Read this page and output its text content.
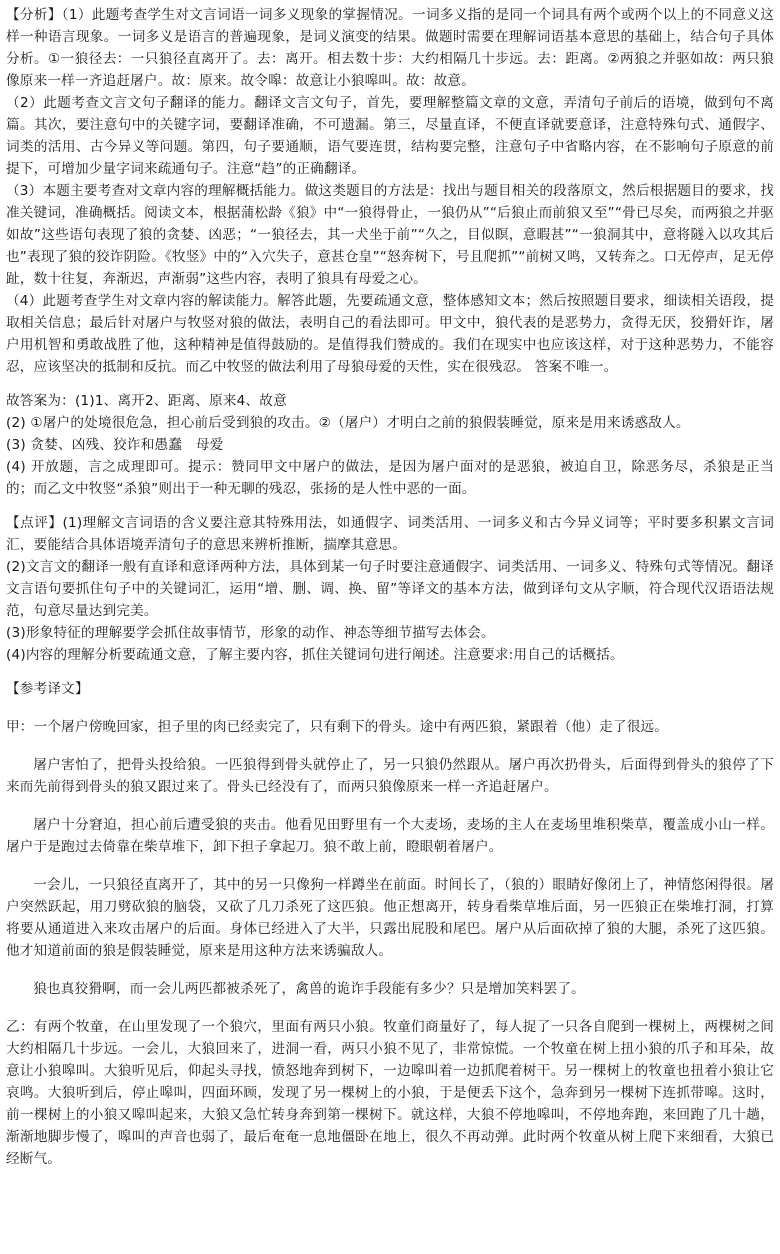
【分析】（1）此题考查学生对文言词语一词多义现象的掌握情况。一词多义指的是同一个词具有两个或两个以上的不同意义这样一种语言现象。一词多义是语言的普遍现象，是词义演变的结果。做题时需要在理解词语基本意思的基础上，结合句子具体分析。①一狼径去：一只狼径直离开了。去：离开。相去数十步：大约相隔几十步远。去：距离。②两狼之并驱如故：两只狼像原来一样一齐追赶屠户。故：原来。故令嗥：故意让小狼嗥叫。故：故意。

（2）此题考查文言文句子翻译的能力。翻译文言文句子，首先，要理解整篇文章的文意，弄清句子前后的语境，做到句不离篇。其次，要注意句中的关键字词，要翻译准确，不可遗漏。第三，尽量直译，不便直译就要意译，注意特殊句式、通假字、词类的活用、古今异义等问题。第四，句子要通顺，语气要连贯，结构要完整，注意句子中省略内容，在不影响句子原意的前提下，可增加少量字词来疏通句子。注意“趋”的正确翻译。

（3）本题主要考查对文章内容的理解概括能力。做这类题目的方法是：找出与题目相关的段落原文，然后根据题目的要求，找准关键词，准确概括。阅读文本，根据蒲松龄《狼》中“一狼得骨止，一狼仍从”“后狼止而前狼又至”“骨已尽矣，而两狼之并驱如故”这些语句表现了狼的贪婪、凶恶；“一狼径去，其一犬坐于前”“久之，目似瞑，意暇甚”“一狼洞其中，意将隧入以攻其后也”表现了狼的狡诈阴险。《牧竖》中的“入穴失子，意甚仓皇”“怒奔树下，号且爬抓”“前树又鸣，又转奔之。口无停声，足无停趾，数十往复，奔渐迟，声渐弱”这些内容，表明了狼具有母爱之心。

（4）此题考查学生对文章内容的解读能力。解答此题，先要疏通文意，整体感知文本；然后按照题目要求，细读相关语段，提取相关信息；最后针对屠户与牧竖对狼的做法，表明自己的看法即可。甲文中，狼代表的是恶势力，贪得无厌，狡猾奸诈，屠户用机智和勇敢战胜了他，这种精神是值得鼓励的。是值得我们赞成的。我们在现实中也应该这样，对于这种恶势力，不能容忍，应该坚决的抵制和反抗。而乙中牧竖的做法利用了母狼母爱的天性，实在很残忍。 答案不唯一。

故答案为：(1)1、离开2、距离、原来4、故意

(2) ①屠户的处境很危急，担心前后受到狼的攻击。②（屠户）才明白之前的狼假装睡觉，原来是用来诱惑敌人。

(3) 贪婪、凶残、狡诈和愚蠢　母爱

(4) 开放题，言之成理即可。提示：赞同甲文中屠户的做法，是因为屠户面对的是恶狼，被迫自卫，除恶务尽，杀狼是正当的；而乙文中牧竖“杀狼”则出于一种无聊的残忍，张扬的是人性中恶的一面。

【点评】(1)理解文言词语的含义要注意其特殊用法，如通假字、词类活用、一词多义和古今异义词等；平时要多积累文言词汇，要能结合具体语境弄清句子的意思来辨析推断，揣摩其意思。

(2)文言文的翻译一般有直译和意译两种方法，具体到某一句子时要注意通假字、词类活用、一词多义、特殊句式等情况。翻译文言语句要抓住句子中的关键词汇，运用“增、删、调、换、留”等译文的基本方法，做到译句文从字顺，符合现代汉语语法规范，句意尽量达到完美。

(3)形象特征的理解要学会抓住故事情节，形象的动作、神态等细节描写去体会。

(4)内容的理解分析要疏通文意，了解主要内容，抓住关键词句进行阐述。注意要求:用自己的话概括。

【参考译文】

甲：一个屠户傍晚回家，担子里的肉已经卖完了，只有剩下的骨头。途中有两匹狼，紧跟着（他）走了很远。

屠户害怕了，把骨头投给狼。一匹狼得到骨头就停止了，另一只狼仍然跟从。屠户再次扔骨头，后面得到骨头的狼停了下来而先前得到骨头的狼又跟过来了。骨头已经没有了，而两只狼像原来一样一齐追赶屠户。

屠户十分窘迫，担心前后遭受狼的夹击。他看见田野里有一个大麦场，麦场的主人在麦场里堆积柴草，覆盖成小山一样。屠户于是跑过去倚靠在柴草堆下，卸下担子拿起刀。狼不敢上前，瞪眼朝着屠户。

一会儿，一只狼径直离开了，其中的另一只像狗一样蹲坐在前面。时间长了，（狼的）眼睛好像闭上了，神情悠闲得很。屠户突然跃起，用刀劈砍狼的脑袋，又砍了几刀杀死了这匹狼。他正想离开，转身看柴草堆后面，另一匹狼正在柴堆打洞，打算将要从通道进入来攻击屠户的后面。身体已经进入了大半，只露出屁股和尾巴。屠户从后面砍掉了狼的大腿，杀死了这匹狼。他才知道前面的狼是假装睡觉，原来是用这种方法来诱骗敌人。

狼也真狡猾啊，而一会儿两匹都被杀死了，禽兽的诡诈手段能有多少？只是增加笑料罢了。

乙：有两个牧童，在山里发现了一个狼穴，里面有两只小狼。牧童们商量好了，每人捉了一只各自爬到一棵树上，两棵树之间大约相隔几十步远。一会儿，大狼回来了，进洞一看，两只小狼不见了，非常惊慌。一个牧童在树上扭小狼的爪子和耳朵，故意让小狼嗥叫。大狼听见后，仰起头寻找，愤怒地奔到树下，一边嗥叫着一边抓爬着树干。另一棵树上的牧童也扭着小狼让它哀鸣。大狼听到后，停止嗥叫，四面环顾，发现了另一棵树上的小狼，于是便丢下这个，急奔到另一棵树下连抓带嗥。这时，前一棵树上的小狼又嗥叫起来，大狼又急忙转身奔到第一棵树下。就这样，大狼不停地嗥叫，不停地奔跑，来回跑了几十趟，渐渐地脚步慢了，嗥叫的声音也弱了，最后奄奄一息地僵卧在地上，很久不再动弹。此时两个牧童从树上爬下来细看，大狼已经断气。
